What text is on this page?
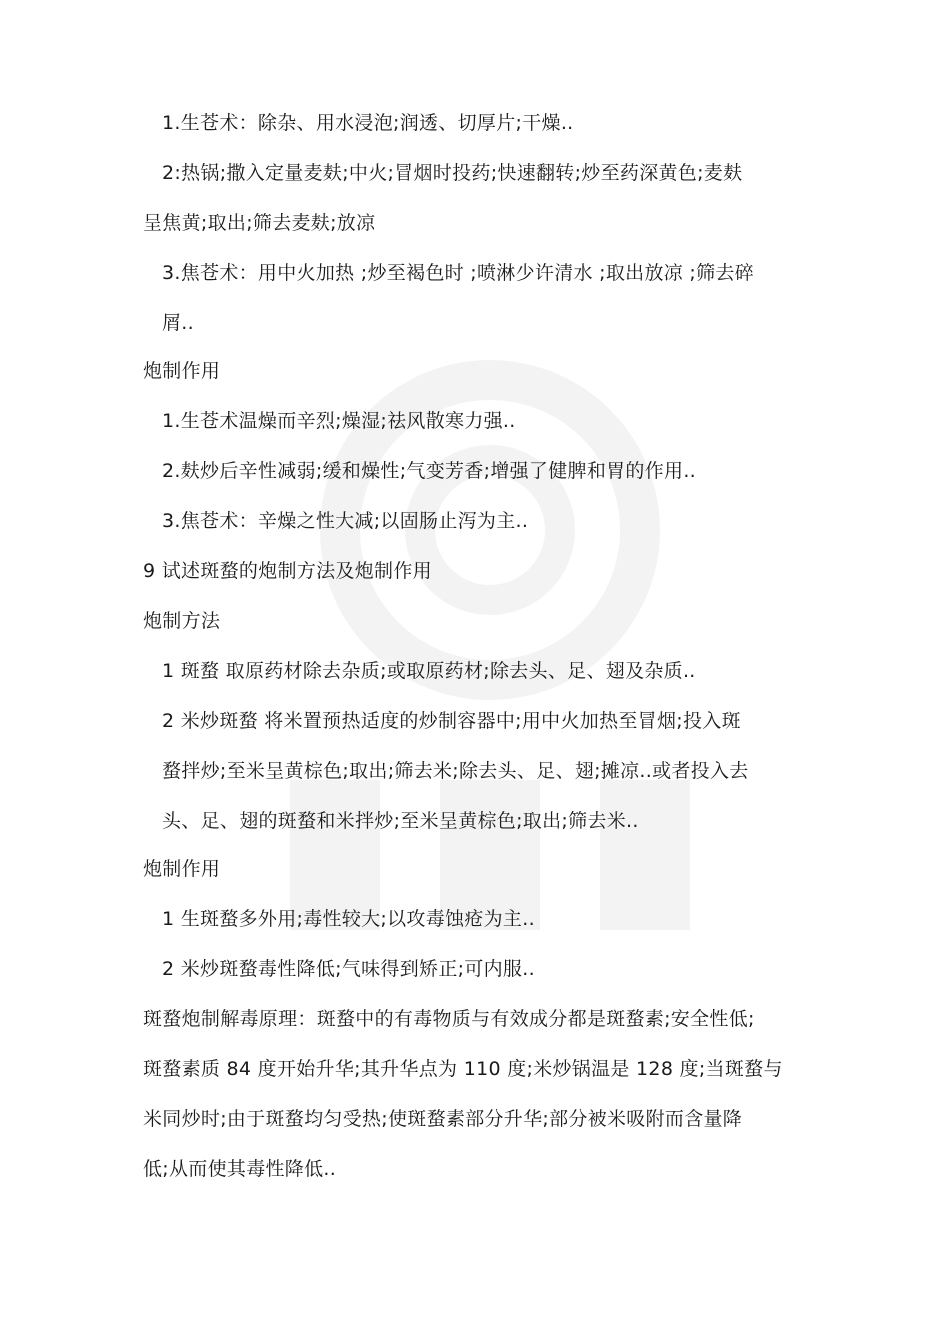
1.生苍术：除杂、用水浸泡;润透、切厚片;干燥..
2:热锅;撒入定量麦麸;中火;冒烟时投药;快速翻转;炒至药深黄色;麦麸
呈焦黄;取出;筛去麦麸;放凉
3.焦苍术：用中火加热 ;炒至褐色时 ;喷淋少许清水 ;取出放凉 ;筛去碎
屑..
炮制作用
1.生苍术温燥而辛烈;燥湿;祛风散寒力强..
2.麸炒后辛性减弱;缓和燥性;气变芳香;增强了健脾和胃的作用..
3.焦苍术：辛燥之性大减;以固肠止泻为主..
9 试述斑蝥的炮制方法及炮制作用
炮制方法
1 斑蝥 取原药材除去杂质;或取原药材;除去头、足、翅及杂质..
2 米炒斑蝥 将米置预热适度的炒制容器中;用中火加热至冒烟;投入斑
蝥拌炒;至米呈黄棕色;取出;筛去米;除去头、足、翅;摊凉..或者投入去
头、足、翅的斑蝥和米拌炒;至米呈黄棕色;取出;筛去米..
炮制作用
1 生斑蝥多外用;毒性较大;以攻毒蚀疮为主..
2 米炒斑蝥毒性降低;气味得到矫正;可内服..
斑蝥炮制解毒原理：斑蝥中的有毒物质与有效成分都是斑蝥素;安全性低;
斑蝥素质 84 度开始升华;其升华点为 110 度;米炒锅温是 128 度;当斑蝥与
米同炒时;由于斑蝥均匀受热;使斑蝥素部分升华;部分被米吸附而含量降
低;从而使其毒性降低..
